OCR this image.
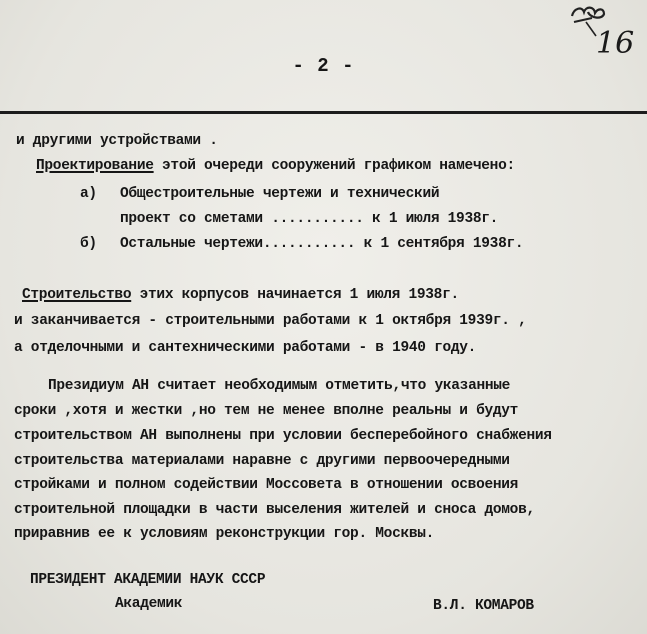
16
- 2 -
и другими устройствами .
Проектирование этой очереди сооружений графиком намечено:
а) Общестроительные чертежи и технический
проект со сметами ........... к 1 июля 1938г.
б) Остальные чертежи........... к 1 сентября 1938г.
Строительство этих корпусов начинается 1 июля 1938г.
и заканчивается - строительными работами к 1 октября 1939г. ,
а отделочными и сантехническими работами - в 1940 году.
Президиум АН считает необходимым отметить,что указанные
сроки ,хотя и жестки ,но тем не менее вполне реальны и будут
строительством АН выполнены при условии бесперебойного снабжения
строительства материалами наравне с другими первоочередными
стройками и полном содействии Моссовета в отношении освоения
строительной площадки в части выселения жителей и сноса домов,
приравнив ее к условиям реконструкции гор. Москвы.
ПРЕЗИДЕНТ АКАДЕМИИ НАУК СССР
Академик	В.Л. КОМАРОВ
